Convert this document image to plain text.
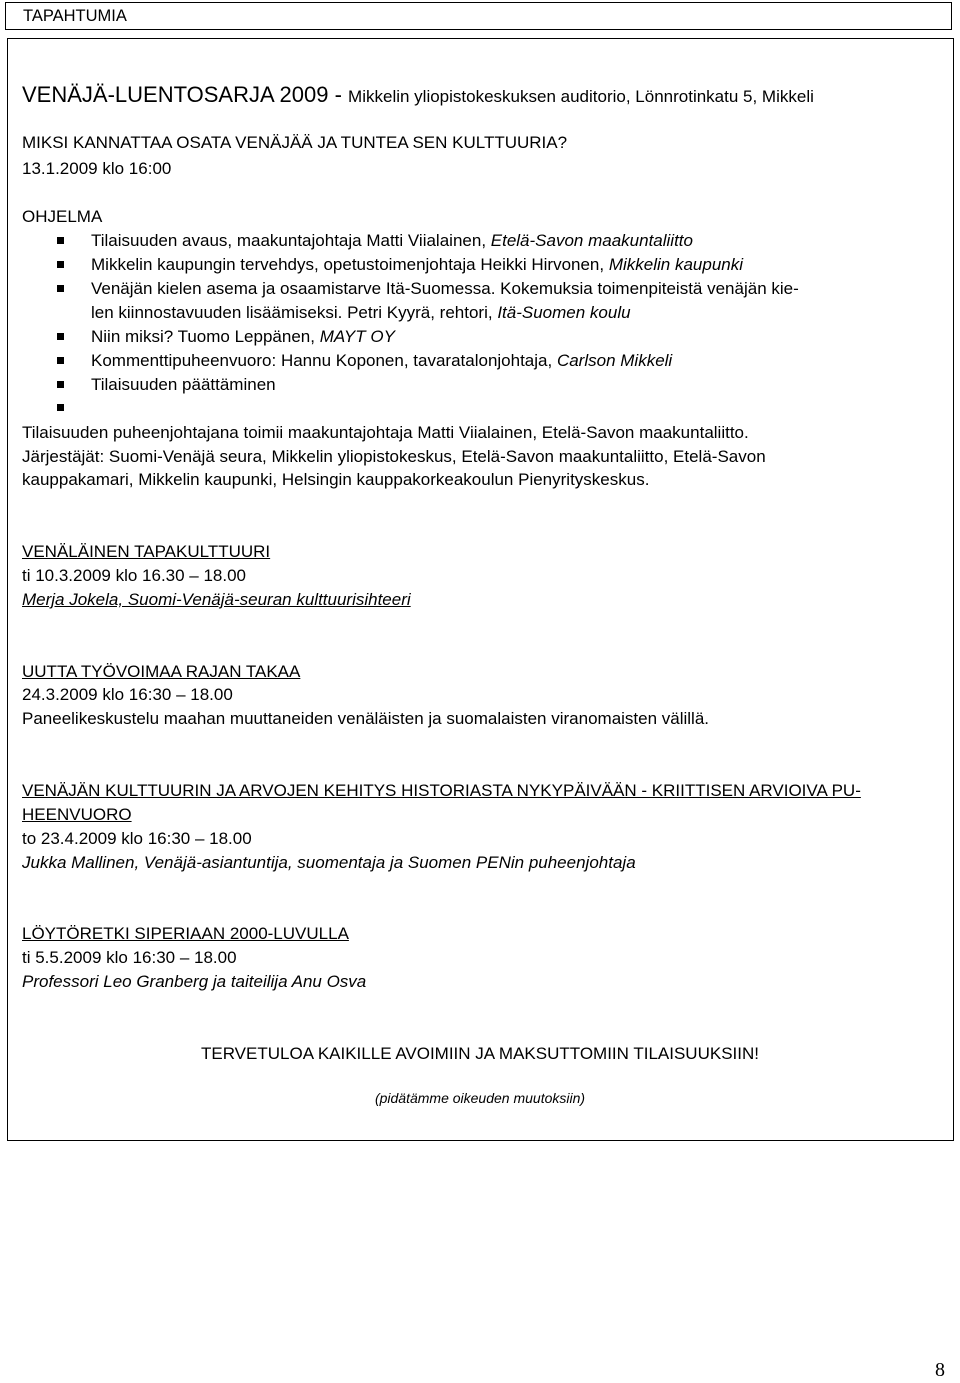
TAPAHTUMIA
VENÄJÄ-LUENTOSARJA 2009 - Mikkelin yliopistokeskuksen auditorio, Lönnrotinkatu 5, Mikkeli
MIKSI KANNATTAA OSATA VENÄJÄÄ JA TUNTEA SEN KULTTUURIA?
13.1.2009 klo 16:00
OHJELMA
Tilaisuuden avaus, maakuntajohtaja Matti Viialainen, Etelä-Savon maakuntaliitto
Mikkelin kaupungin tervehdys, opetustoimenjohtaja Heikki Hirvonen, Mikkelin kaupunki
Venäjän kielen asema ja osaamistarve Itä-Suomessa. Kokemuksia toimenpiteistä venäjän kie-
len kiinnostavuuden lisäämiseksi. Petri Kyyrä, rehtori, Itä-Suomen koulu
Niin miksi? Tuomo Leppänen, MAYT OY
Kommenttipuheenvuoro: Hannu Koponen, tavaratalonjohtaja, Carlson Mikkeli
Tilaisuuden päättäminen
Tilaisuuden puheenjohtajana toimii maakuntajohtaja Matti Viialainen, Etelä-Savon maakuntaliitto.
Järjestäjät: Suomi-Venäjä seura, Mikkelin yliopistokeskus, Etelä-Savon maakuntaliitto, Etelä-Savon
kauppakamari, Mikkelin kaupunki, Helsingin kauppakorkeakoulun Pienyrityskeskus.
VENÄLÄINEN TAPAKULTTUURI
ti 10.3.2009 klo 16.30 – 18.00
Merja Jokela, Suomi-Venäjä-seuran kulttuurisihteeri
UUTTA TYÖVOIMAA RAJAN TAKAA
24.3.2009 klo 16:30 – 18.00
Paneelikeskustelu maahan muuttaneiden venäläisten ja suomalaisten viranomaisten välillä.
VENÄJÄN KULTTUURIN JA ARVOJEN KEHITYS HISTORIASTA NYKYPÄIVÄÄN - KRIITTISEN ARVIOIVA PU-
HEENVUORO
to 23.4.2009 klo 16:30 – 18.00
Jukka Mallinen, Venäjä-asiantuntija, suomentaja ja Suomen PENin puheenjohtaja
LÖYTÖRETKI SIPERIAAN 2000-LUVULLA
ti 5.5.2009 klo 16:30 – 18.00
Professori Leo Granberg ja taiteilija Anu Osva
TERVETULOA KAIKILLE AVOIMIIN JA MAKSUTTOMIIN TILAISUUKSIIN!
(pidätämme oikeuden muutoksiin)
8
